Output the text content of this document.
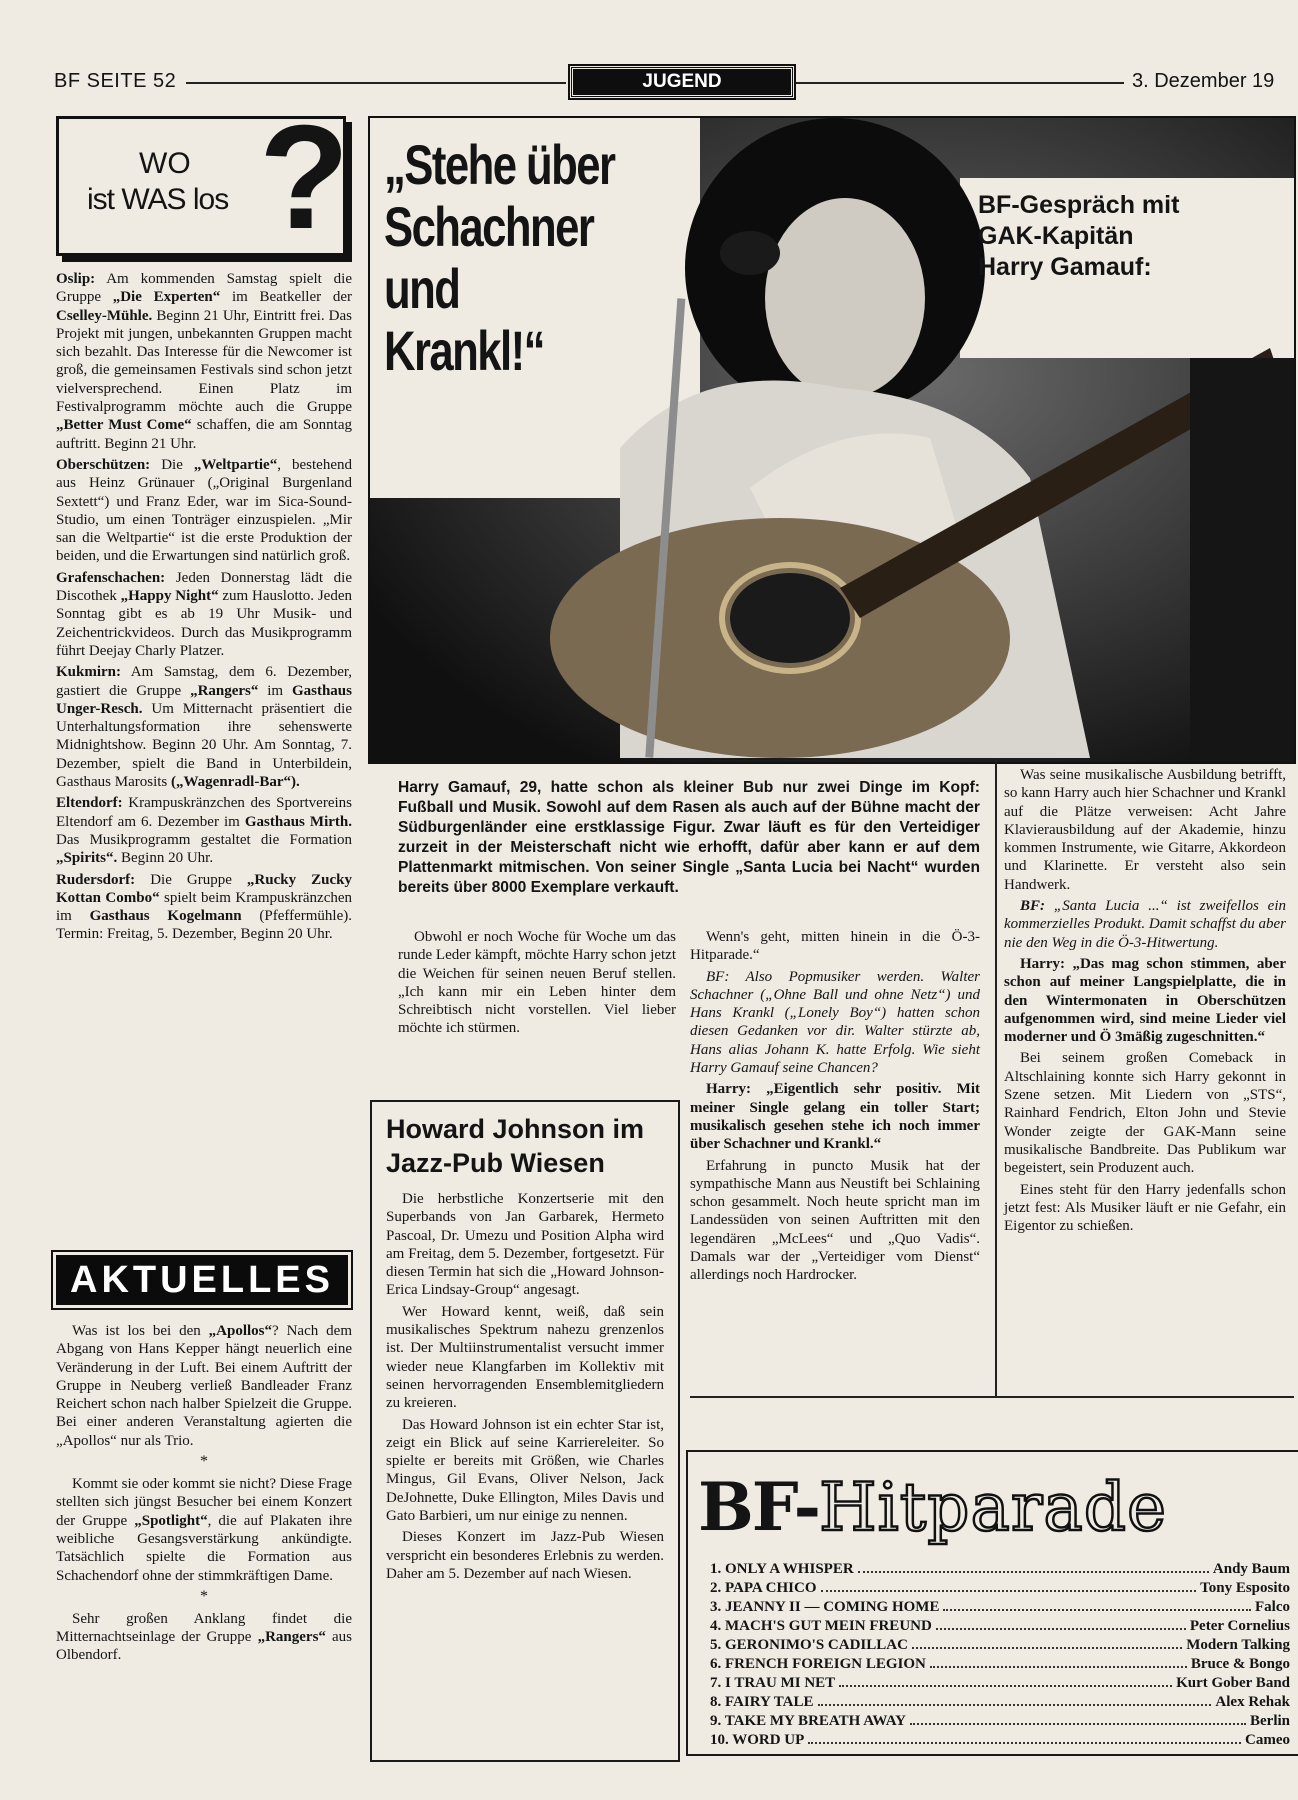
BF SEITE 52	JUGEND	3. Dezember 19
WO
ist WAS los ?

Oslip: Am kommenden Samstag spielt die Gruppe „Die Experten“ im Beatkeller der Cselley-Mühle. Beginn 21 Uhr, Eintritt frei. Das Projekt mit jungen, unbekannten Gruppen macht sich bezahlt. Das Interesse für die Newcomer ist groß, die gemeinsamen Festivals sind schon jetzt vielversprechend. Einen Platz im Festivalprogramm möchte auch die Gruppe „Better Must Come“ schaffen, die am Sonntag auftritt. Beginn 21 Uhr.

Oberschützen: Die „Weltpartie“, bestehend aus Heinz Grünauer („Original Burgenland Sextett“) und Franz Eder, war im Sica-Sound-Studio, um einen Tonträger einzuspielen. „Mir san die Weltpartie“ ist die erste Produktion der beiden, und die Erwartungen sind natürlich groß.

Grafenschachen: Jeden Donnerstag lädt die Discothek „Happy Night“ zum Hauslotto. Jeden Sonntag gibt es ab 19 Uhr Musik- und Zeichentrickvideos. Durch das Musikprogramm führt Deejay Charly Platzer.

Kukmirn: Am Samstag, dem 6. Dezember, gastiert die Gruppe „Rangers“ im Gasthaus Unger-Resch. Um Mitternacht präsentiert die Unterhaltungsformation ihre sehenswerte Midnightshow. Beginn 20 Uhr. Am Sonntag, 7. Dezember, spielt die Band in Unterbildein, Gasthaus Marosits („Wagenradl-Bar“).

Eltendorf: Krampuskränzchen des Sportvereins Eltendorf am 6. Dezember im Gasthaus Mirth. Das Musikprogramm gestaltet die Formation „Spirits“. Beginn 20 Uhr.

Rudersdorf: Die Gruppe „Rucky Zucky Kottan Combo“ spielt beim Krampuskränzchen im Gasthaus Kogelmann (Pfeffermühle). Termin: Freitag, 5. Dezember, Beginn 20 Uhr.

AKTUELLES

Was ist los bei den „Apollos“? Nach dem Abgang von Hans Kepper hängt neuerlich eine Veränderung in der Luft. Bei einem Auftritt der Gruppe in Neuberg verließ Bandleader Franz Reichert schon nach halber Spielzeit die Gruppe. Bei einer anderen Veranstaltung agierten die „Apollos“ nur als Trio.

*

Kommt sie oder kommt sie nicht? Diese Frage stellten sich jüngst Besucher bei einem Konzert der Gruppe „Spotlight“, die auf Plakaten ihre weibliche Gesangsverstärkung ankündigte. Tatsächlich spielte die Formation aus Schachendorf ohne der stimmkräftigen Dame.

*

Sehr großen Anklang findet die Mitternachtseinlage der Gruppe „Rangers“ aus Olbendorf.

„Stehe über
Schachner
und
Krankl!“
BF-Gespräch mit
GAK-Kapitän
Harry Gamauf:
Harry Gamauf, 29, hatte schon als kleiner Bub nur zwei Dinge im Kopf: Fußball und Musik. Sowohl auf dem Rasen als auch auf der Bühne macht der Südburgenländer eine erstklassige Figur. Zwar läuft es für den Verteidiger zurzeit in der Meisterschaft nicht wie erhofft, dafür aber kann er auf dem Plattenmarkt mitmischen. Von seiner Single „Santa Lucia bei Nacht“ wurden bereits über 8000 Exemplare verkauft.

Obwohl er noch Woche für Woche um das runde Leder kämpft, möchte Harry schon jetzt die Weichen für seinen neuen Beruf stellen. „Ich kann mir ein Leben hinter dem Schreibtisch nicht vorstellen. Viel lieber möchte ich stürmen.

Wenn's geht, mitten hinein in die Ö-3-Hitparade.“

BF: Also Popmusiker werden. Walter Schachner („Ohne Ball und ohne Netz“) und Hans Krankl („Lonely Boy“) hatten schon diesen Gedanken vor dir. Walter stürzte ab, Hans alias Johann K. hatte Erfolg. Wie sieht Harry Gamauf seine Chancen?

Harry: „Eigentlich sehr positiv. Mit meiner Single gelang ein toller Start; musikalisch gesehen stehe ich noch immer über Schachner und Krankl.“

Erfahrung in puncto Musik hat der sympathische Mann aus Neustift bei Schlaining schon gesammelt. Noch heute spricht man im Landessüden von seinen Auftritten mit den legendären „McLees“ und „Quo Vadis“. Damals war der „Verteidiger vom Dienst“ allerdings noch Hardrocker.

Was seine musikalische Ausbildung betrifft, so kann Harry auch hier Schachner und Krankl auf die Plätze verweisen: Acht Jahre Klavierausbildung auf der Akademie, hinzu kommen Instrumente, wie Gitarre, Akkordeon und Klarinette. Er versteht also sein Handwerk.

BF: „Santa Lucia ...“ ist zweifellos ein kommerzielles Produkt. Damit schaffst du aber nie den Weg in die Ö-3-Hitwertung.

Harry: „Das mag schon stimmen, aber schon auf meiner Langspielplatte, die in den Wintermonaten in Oberschützen aufgenommen wird, sind meine Lieder viel moderner und Ö 3mäßig zugeschnitten.“

Bei seinem großen Comeback in Altschlaining konnte sich Harry gekonnt in Szene setzen. Mit Liedern von „STS“, Rainhard Fendrich, Elton John und Stevie Wonder zeigte der GAK-Mann seine musikalische Bandbreite. Das Publikum war begeistert, sein Produzent auch.

Eines steht für den Harry jedenfalls schon jetzt fest: Als Musiker läuft er nie Gefahr, ein Eigentor zu schießen.

Howard Johnson im
Jazz-Pub Wiesen

Die herbstliche Konzertserie mit den Superbands von Jan Garbarek, Hermeto Pascoal, Dr. Umezu und Position Alpha wird am Freitag, dem 5. Dezember, fortgesetzt. Für diesen Termin hat sich die „Howard Johnson-Erica Lindsay-Group“ angesagt.

Wer Howard kennt, weiß, daß sein musikalisches Spektrum nahezu grenzenlos ist. Der Multiinstrumentalist versucht immer wieder neue Klangfarben im Kollektiv mit seinen hervorragenden Ensemblemitgliedern zu kreieren.

Das Howard Johnson ist ein echter Star ist, zeigt ein Blick auf seine Karriereleiter. So spielte er bereits mit Größen, wie Charles Mingus, Gil Evans, Oliver Nelson, Jack DeJohnette, Duke Ellington, Miles Davis und Gato Barbieri, um nur einige zu nennen.

Dieses Konzert im Jazz-Pub Wiesen verspricht ein besonderes Erlebnis zu werden. Daher am 5. Dezember auf nach Wiesen.

BF-Hitparade
1. ONLY A WHISPER	Andy Baum
2. PAPA CHICO	Tony Esposito
3. JEANNY II — COMING HOME	Falco
4. MACH'S GUT MEIN FREUND	Peter Cornelius
5. GERONIMO'S CADILLAC	Modern Talking
6. FRENCH FOREIGN LEGION	Bruce & Bongo
7. I TRAU MI NET	Kurt Gober Band
8. FAIRY TALE	Alex Rehak
9. TAKE MY BREATH AWAY	Berlin
10. WORD UP	Cameo
